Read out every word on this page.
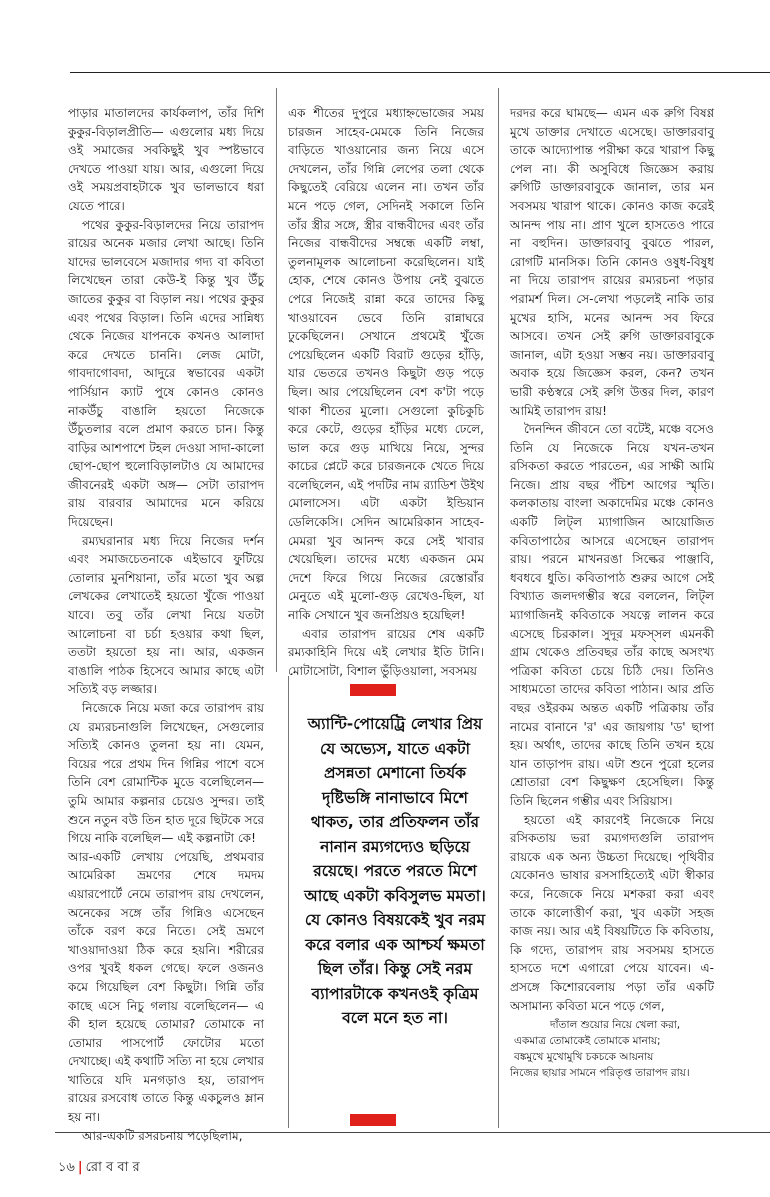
পাড়ার মাতালদের কার্যকলাপ, তাঁর দিশি কুকুর-বিড়ালপ্রীতি— এগুলোর মধ্য দিয়ে ওই সমাজের সবকিছুই খুব স্পষ্টভাবে দেখতে পাওয়া যায়। আর, এগুলো দিয়ে ওই সময়প্রবাহটাকে খুব ভালভাবে ধরা যেতে পারে।

পথের কুকুর-বিড়ালদের নিয়ে তারাপদ রায়ের অনেক মজার লেখা আছে। তিনি যাদের ভালবেসে মজাদার গদ্য বা কবিতা লিখেছেন তারা কেউ-ই কিন্তু খুব উঁচু জাতের কুকুর বা বিড়াল নয়। পথের কুকুর এবং পথের বিড়াল। তিনি এদের সান্নিধ্য থেকে নিজের যাপনকে কখনও আলাদা করে দেখতে চাননি। লেজ মোটা, গাবদাগোবদা, আদুরে স্বভাবের একটা পার্সিয়ান ক্যাট পুষে কোনও কোনও নাকউঁচু বাঙালি হয়তো নিজেকে উঁচুতলার বলে প্রমাণ করতে চান। কিন্তু বাড়ির আশপাশে টহল দেওয়া সাদা-কালো ছোপ-ছোপ হুলোবিড়ালটাও যে আমাদের জীবনেরই একটা অঙ্গ— সেটা তারাপদ রায় বারবার আমাদের মনে করিয়ে দিয়েছেন।

রম্যঘরানার মধ্য দিয়ে নিজের দর্শন এবং সমাজচেতনাকে এইভাবে ফুটিয়ে তোলার মুনশিয়ানা, তাঁর মতো খুব অল্প লেখকের লেখাতেই হয়তো খুঁজে পাওয়া যাবে। তবু তাঁর লেখা নিয়ে যতটা আলোচনা বা চর্চা হওয়ার কথা ছিল, ততটা হয়তো হয় না। আর, একজন বাঙালি পাঠক হিসেবে আমার কাছে এটা সত্যিই বড় লজ্জার।

নিজেকে নিয়ে মজা করে তারাপদ রায় যে রম্যরচনাগুলি লিখেছেন, সেগুলোর সত্যিই কোনও তুলনা হয় না। যেমন, বিয়ের পরে প্রথম দিন গিন্নির পাশে বসে তিনি বেশ রোমান্টিক মুডে বলেছিলেন— তুমি আমার কল্পনার চেয়েও সুন্দর। তাই শুনে নতুন বউ তিন হাত দূরে ছিটকে সরে গিয়ে নাকি বলেছিল— এই কল্পনাটা কে!

আর-একটি লেখায় পেয়েছি, প্রথমবার আমেরিকা ভ্রমণের শেষে দমদম এয়ারপোর্টে নেমে তারাপদ রায় দেখলেন, অনেকের সঙ্গে তাঁর গিন্নিও এসেছেন তাঁকে বরণ করে নিতে। সেই ভ্রমণে খাওয়াদাওয়া ঠিক করে হয়নি। শরীরের ওপর খুবই ধকল গেছে। ফলে ওজনও কমে গিয়েছিল বেশ কিছুটা। গিন্নি তাঁর কাছে এসে নিচু গলায় বলেছিলেন— এ কী হাল হয়েছে তোমার? তোমাকে না তোমার পাসপোর্ট ফোটোর মতো দেখাচ্ছে। এই কথাটি সত্যি না হয়ে লেখার খাতিরে যদি মনগড়াও হয়, তারাপদ রায়ের রসবোধ তাতে কিন্তু একচুলও ম্লান হয় না।

আর-একটি রসরচনায় পড়েছিলাম,

এক শীতের দুপুরে মধ্যাহ্নভোজের সময় চারজন সাহেব-মেমকে তিনি নিজের বাড়িতে খাওয়ানোর জন্য নিয়ে এসে দেখলেন, তাঁর গিন্নি লেপের তলা থেকে কিছুতেই বেরিয়ে এলেন না। তখন তাঁর মনে পড়ে গেল, সেদিনই সকালে তিনি তাঁর স্ত্রীর সঙ্গে, স্ত্রীর বান্ধবীদের এবং তাঁর নিজের বান্ধবীদের সম্বন্ধে একটি লম্বা, তুলনামূলক আলোচনা করেছিলেন। যাই হোক, শেষে কোনও উপায় নেই বুঝতে পেরে নিজেই রান্না করে তাদের কিছু খাওয়াবেন ভেবে তিনি রান্নাঘরে ঢুকেছিলেন। সেখানে প্রথমেই খুঁজে পেয়েছিলেন একটি বিরাট গুড়ের হাঁড়ি, যার ভেতরে তখনও কিছুটা গুড় পড়ে ছিল। আর পেয়েছিলেন বেশ ক'টা পড়ে থাকা শীতের মুলো। সেগুলো কুচিকুচি করে কেটে, গুড়ের হাঁড়ির মধ্যে ঢেলে, ভাল করে গুড় মাখিয়ে নিয়ে, সুন্দর কাচের প্লেটে করে চারজনকে খেতে দিয়ে বলেছিলেন, এই পদটির নাম র‍্যাডিশ উইথ মোলাসেস। এটা একটা ইন্ডিয়ান ডেলিকেসি। সেদিন আমেরিকান সাহেব-মেমরা খুব আনন্দ করে সেই খাবার খেয়েছিল। তাদের মধ্যে একজন মেম দেশে ফিরে গিয়ে নিজের রেস্তোরাঁর মেনুতে এই মুলো-গুড় রেখেও-ছিল, যা নাকি সেখানে খুব জনপ্রিয়ও হয়েছিল!

এবার তারাপদ রায়ের শেষ একটি রম্যকাহিনি দিয়ে এই লেখার ইতি টানি। মোটাসোটা, বিশাল ভুঁড়িওয়ালা, সবসময়

দরদর করে ঘামছে— এমন এক রুগি বিষণ্ণ মুখে ডাক্তার দেখাতে এসেছে। ডাক্তারবাবু তাকে আদ্যোপান্ত পরীক্ষা করে খারাপ কিছু পেল না। কী অসুবিধে জিজ্ঞেস করায় রুগিটি ডাক্তারবাবুকে জানাল, তার মন সবসময় খারাপ থাকে। কোনও কাজ করেই আনন্দ পায় না। প্রাণ খুলে হাসতেও পারে না বহুদিন। ডাক্তারবাবু বুঝতে পারল, রোগটি মানসিক। তিনি কোনও ওষুধ-বিষুধ না দিয়ে তারাপদ রায়ের রম্যরচনা পড়ার পরামর্শ দিল। সে-লেখা পড়লেই নাকি তার মুখের হাসি, মনের আনন্দ সব ফিরে আসবে। তখন সেই রুগি ডাক্তারবাবুকে জানাল, এটা হওয়া সম্ভব নয়। ডাক্তারবাবু অবাক হয়ে জিজ্ঞেস করল, কেন? তখন ভারী কণ্ঠস্বরে সেই রুগি উত্তর দিল, কারণ আমিই তারাপদ রায়!

দৈনন্দিন জীবনে তো বটেই, মঞ্চে বসেও তিনি যে নিজেকে নিয়ে যখন-তখন রসিকতা করতে পারতেন, এর সাক্ষী আমি নিজে। প্রায় বছর পঁচিশ আগের স্মৃতি। কলকাতায় বাংলা অকাদেমির মঞ্চে কোনও একটি লিট্‌ল ম্যাগাজিন আয়োজিত কবিতাপাঠের আসরে এসেছেন তারাপদ রায়। পরনে মাখনরঙা সিল্কের পাঞ্জাবি, ধবধবে ধুতি। কবিতাপাঠ শুরুর আগে সেই বিখ্যাত জলদগম্ভীর স্বরে বললেন, লিট্‌ল ম্যাগাজিনই কবিতাকে সযত্নে লালন করে এসেছে চিরকাল। সুদূর মফস্‌সল এমনকী গ্রাম থেকেও প্রতিবছর তাঁর কাছে অসংখ্য পত্রিকা কবিতা চেয়ে চিঠি দেয়। তিনিও সাধ্যমতো তাদের কবিতা পাঠান। আর প্রতি বছর ওইরকম অন্তত একটি পত্রিকায় তাঁর নামের বানানে 'র' এর জায়গায় 'ড' ছাপা হয়। অর্থাৎ, তাদের কাছে তিনি তখন হয়ে যান তাড়াপদ রায়। এটা শুনে পুরো হলের শ্রোতারা বেশ কিছুক্ষণ হেসেছিল। কিন্তু তিনি ছিলেন গম্ভীর এবং সিরিয়াস।

হয়তো এই কারণেই নিজেকে নিয়ে রসিকতায় ভরা রম্যগদ্যগুলি তারাপদ রায়কে এক অন্য উচ্চতা দিয়েছে। পৃথিবীর যেকোনও ভাষার রসসাহিত্যেই এটা স্বীকার করে, নিজেকে নিয়ে মশকরা করা এবং তাকে কালোত্তীর্ণ করা, খুব একটা সহজ কাজ নয়। আর এই বিষয়টিতে কি কবিতায়, কি গদ্যে, তারাপদ রায় সবসময় হাসতে হাসতে দশে এগারো পেয়ে যাবেন। এ-প্রসঙ্গে কিশোরবেলায় পড়া তাঁর একটি অসামান্য কবিতা মনে পড়ে গেল,

দাঁতাল শুয়োর নিয়ে খেলা করা,
একমাত্র তোমাকেই তোমাকে মানায়;
বঙ্কমুখে মুখোমুখি চকচকে আয়নায়
নিজের ছায়ার সামনে পরিতৃপ্ত তারাপদ রায়।
অ্যান্টি-পোয়েট্রি লেখার প্রিয় যে অভ্যেস, যাতে একটা প্রসন্নতা মেশানো তির্যক দৃষ্টিভঙ্গি নানাভাবে মিশে থাকত, তার প্রতিফলন তাঁর নানান রম্যগদ্যেও ছড়িয়ে রয়েছে। পরতে পরতে মিশে আছে একটা কবিসুলভ মমতা। যে কোনও বিষয়কেই খুব নরম করে বলার এক আশ্চর্য ক্ষমতা ছিল তাঁর। কিন্তু সেই নরম ব্যাপারটাকে কখনওই কৃত্রিম বলে মনে হত না।
১৬ | রো ব বা র
